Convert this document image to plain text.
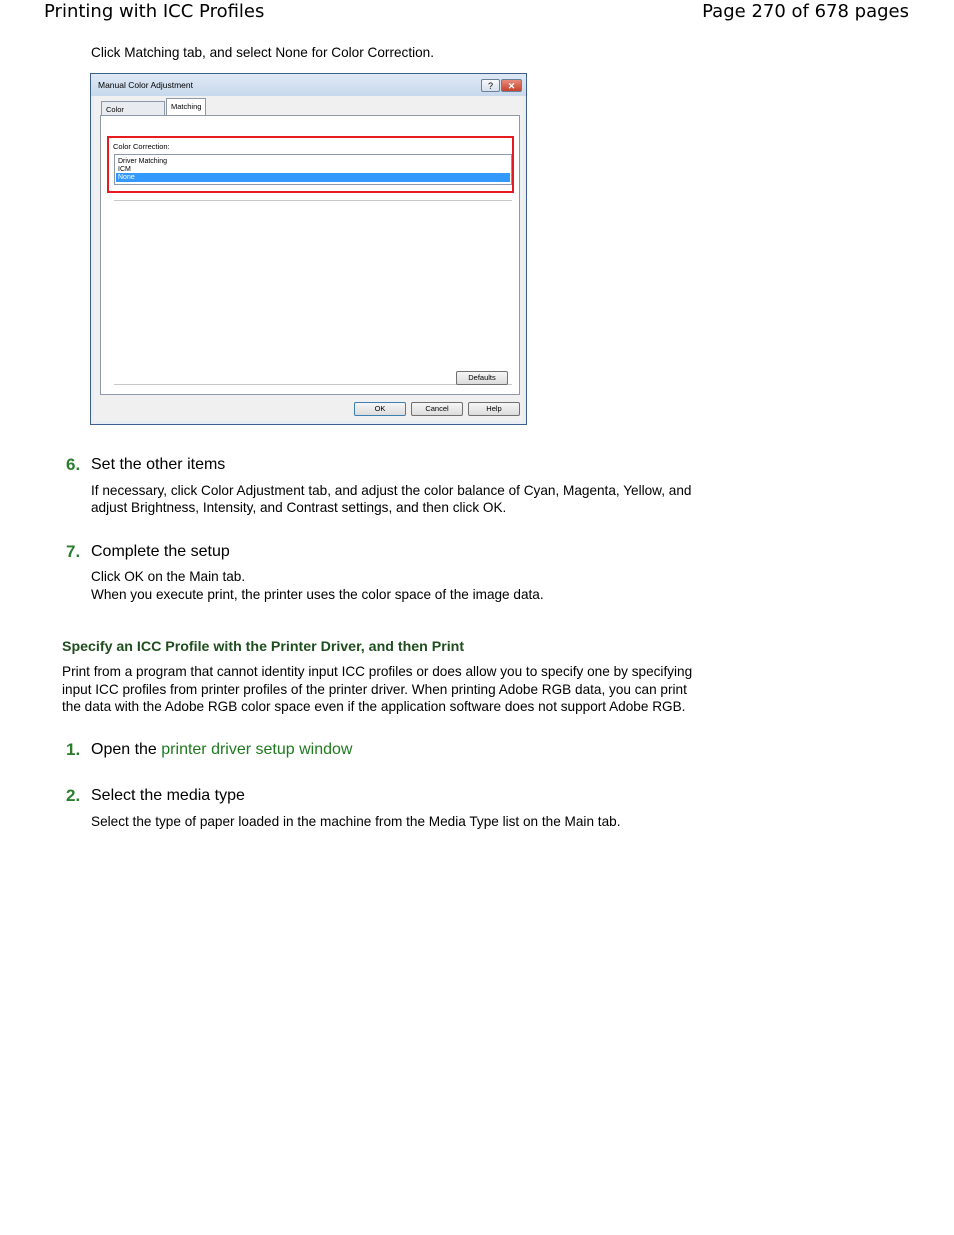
Printing with ICC Profiles	Page 270 of 678 pages
Click Matching tab, and select None for Color Correction.
Manual Color Adjustment	?	✕
Color	Matching
Color Correction:
Driver Matching
ICM
None
Defaults
OK	Cancel	Help
6. Set the other items
If necessary, click Color Adjustment tab, and adjust the color balance of Cyan, Magenta, Yellow, and
adjust Brightness, Intensity, and Contrast settings, and then click OK.
7. Complete the setup
Click OK on the Main tab.
When you execute print, the printer uses the color space of the image data.
Specify an ICC Profile with the Printer Driver, and then Print
Print from a program that cannot identity input ICC profiles or does allow you to specify one by specifying
input ICC profiles from printer profiles of the printer driver. When printing Adobe RGB data, you can print
the data with the Adobe RGB color space even if the application software does not support Adobe RGB.
1. Open the printer driver setup window
2. Select the media type
Select the type of paper loaded in the machine from the Media Type list on the Main tab.
